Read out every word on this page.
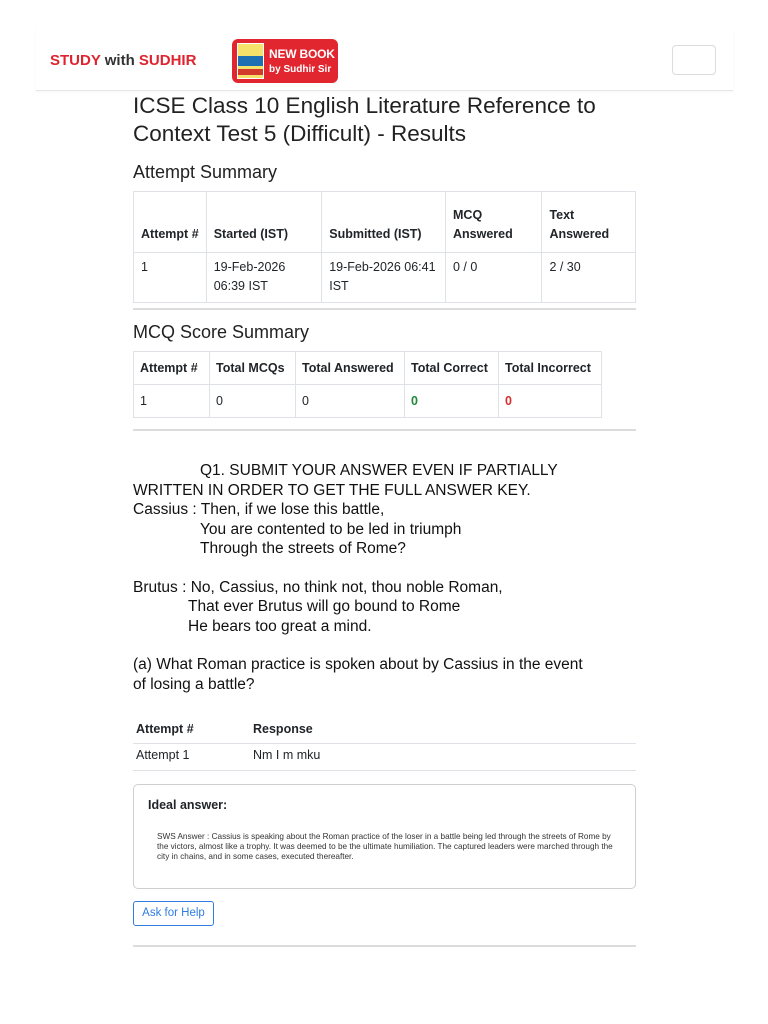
STUDY with SUDHIR	NEW BOOK
by Sudhir Sir
ICSE Class 10 English Literature Reference to Context Test 5 (Difficult) - Results
Attempt Summary
Attempt #	Started (IST)	Submitted (IST)	MCQ Answered	Text Answered
1	19-Feb-2026 06:39 IST	19-Feb-2026 06:41 IST	0 / 0	2 / 30
MCQ Score Summary
Attempt #	Total MCQs	Total Answered	Total Correct	Total Incorrect
1	0	0	0	0

Q1. SUBMIT YOUR ANSWER EVEN IF PARTIALLY

WRITTEN IN ORDER TO GET THE FULL ANSWER KEY.

Cassius : Then, if we lose this battle,

You are contented to be led in triumph

Through the streets of Rome?

Brutus : No, Cassius, no think not, thou noble Roman,

That ever Brutus will go bound to Rome

He bears too great a mind.

(a) What Roman practice is spoken about by Cassius in the event

of losing a battle?

Attempt #	Response
Attempt 1	Nm I m mku
Ideal answer:
SWS Answer : Cassius is speaking about the Roman practice of the loser in a battle being led through the streets of Rome by the victors, almost like a trophy. It was deemed to be the ultimate humiliation. The captured leaders were marched through the city in chains, and in some cases, executed thereafter.
Ask for Help
